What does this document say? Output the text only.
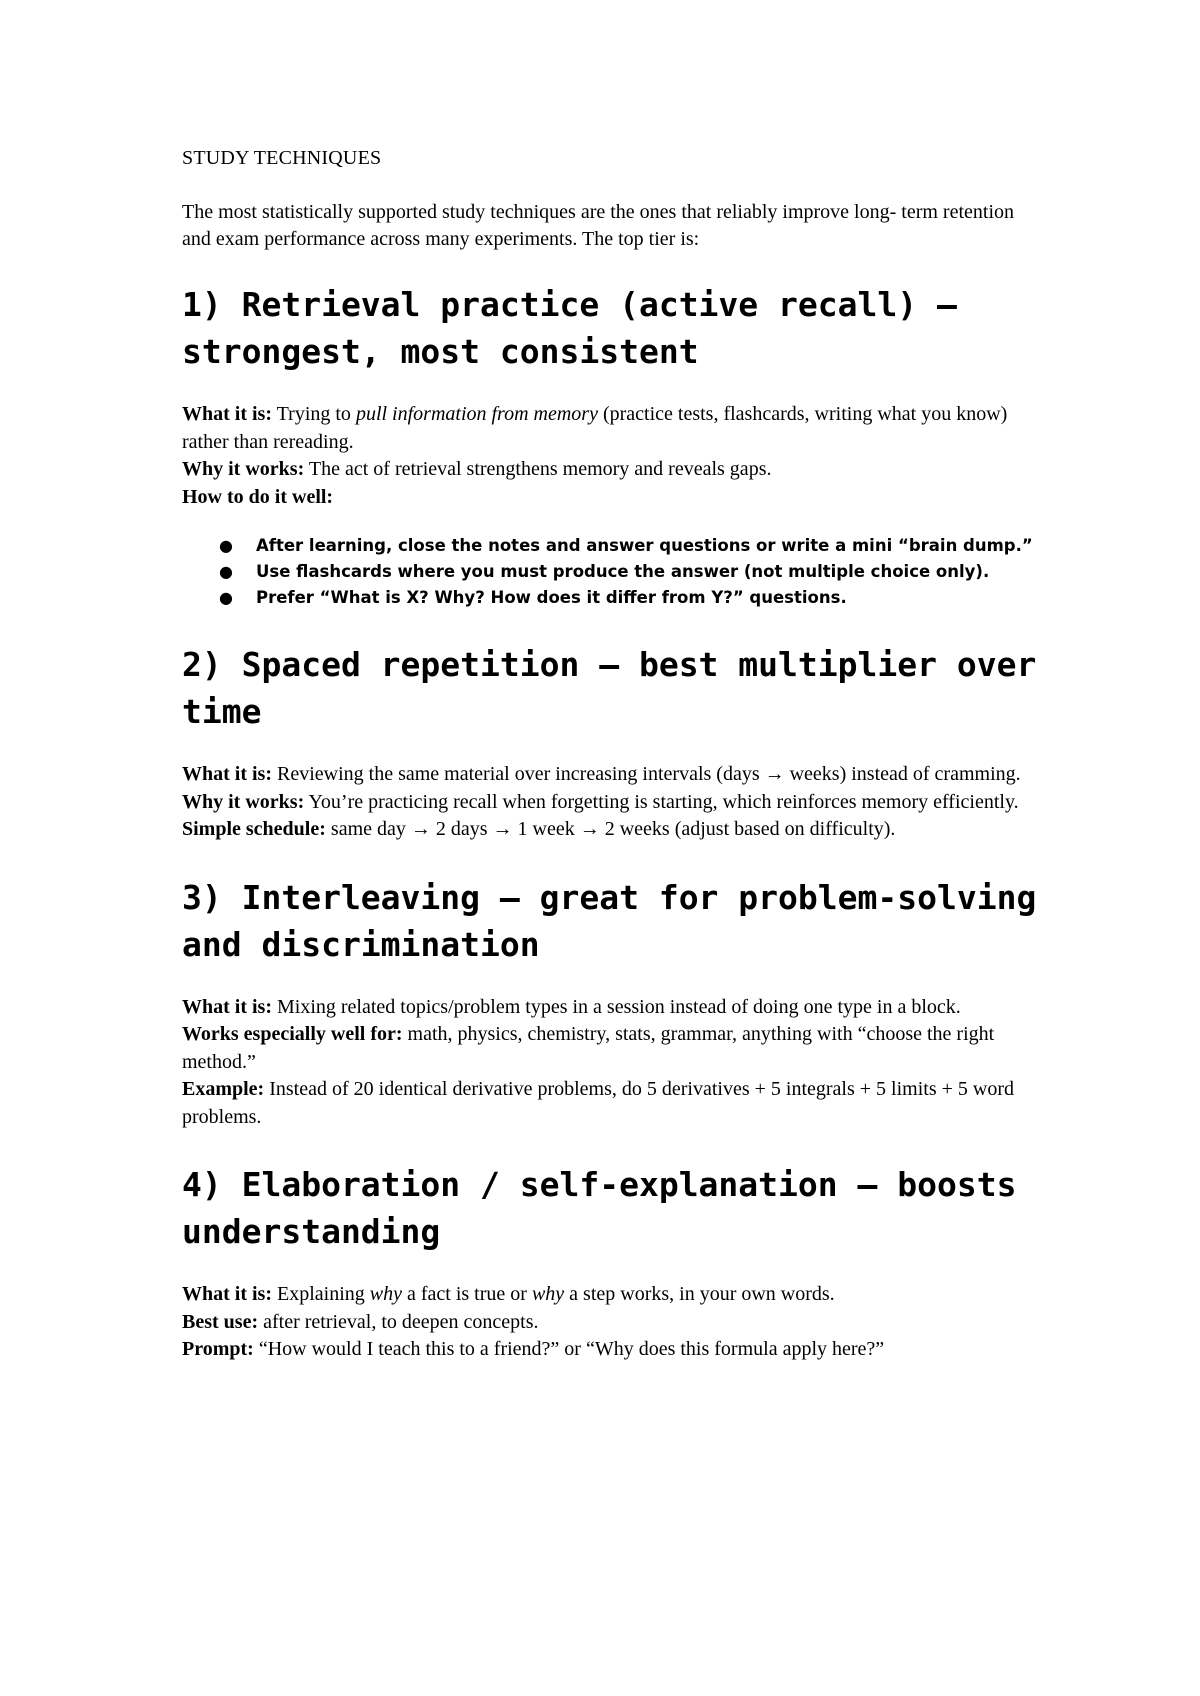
STUDY TECHNIQUES

The most statistically supported study techniques are the ones that reliably improve long- term retention and exam performance across many experiments. The top tier is:

1) Retrieval practice (active recall) — strongest, most consistent

What it is: Trying to pull information from memory (practice tests, flashcards, writing what you know) rather than rereading.

Why it works: The act of retrieval strengthens memory and reveals gaps.

How to do it well:

● After learning, close the notes and answer questions or write a mini “brain dump.”
● Use flashcards where you must produce the answer (not multiple choice only).
● Prefer “What is X? Why? How does it differ from Y?” questions.
2) Spaced repetition — best multiplier over time

What it is: Reviewing the same material over increasing intervals (days → weeks) instead of cramming.

Why it works: You’re practicing recall when forgetting is starting, which reinforces memory efficiently.

Simple schedule: same day → 2 days → 1 week → 2 weeks (adjust based on difficulty).

3) Interleaving — great for problem-solving and discrimination

What it is: Mixing related topics/problem types in a session instead of doing one type in a block.

Works especially well for: math, physics, chemistry, stats, grammar, anything with “choose the right method.”

Example: Instead of 20 identical derivative problems, do 5 derivatives + 5 integrals + 5 limits + 5 word problems.

4) Elaboration / self-explanation — boosts understanding

What it is: Explaining why a fact is true or why a step works, in your own words.

Best use: after retrieval, to deepen concepts.

Prompt: “How would I teach this to a friend?” or “Why does this formula apply here?”
